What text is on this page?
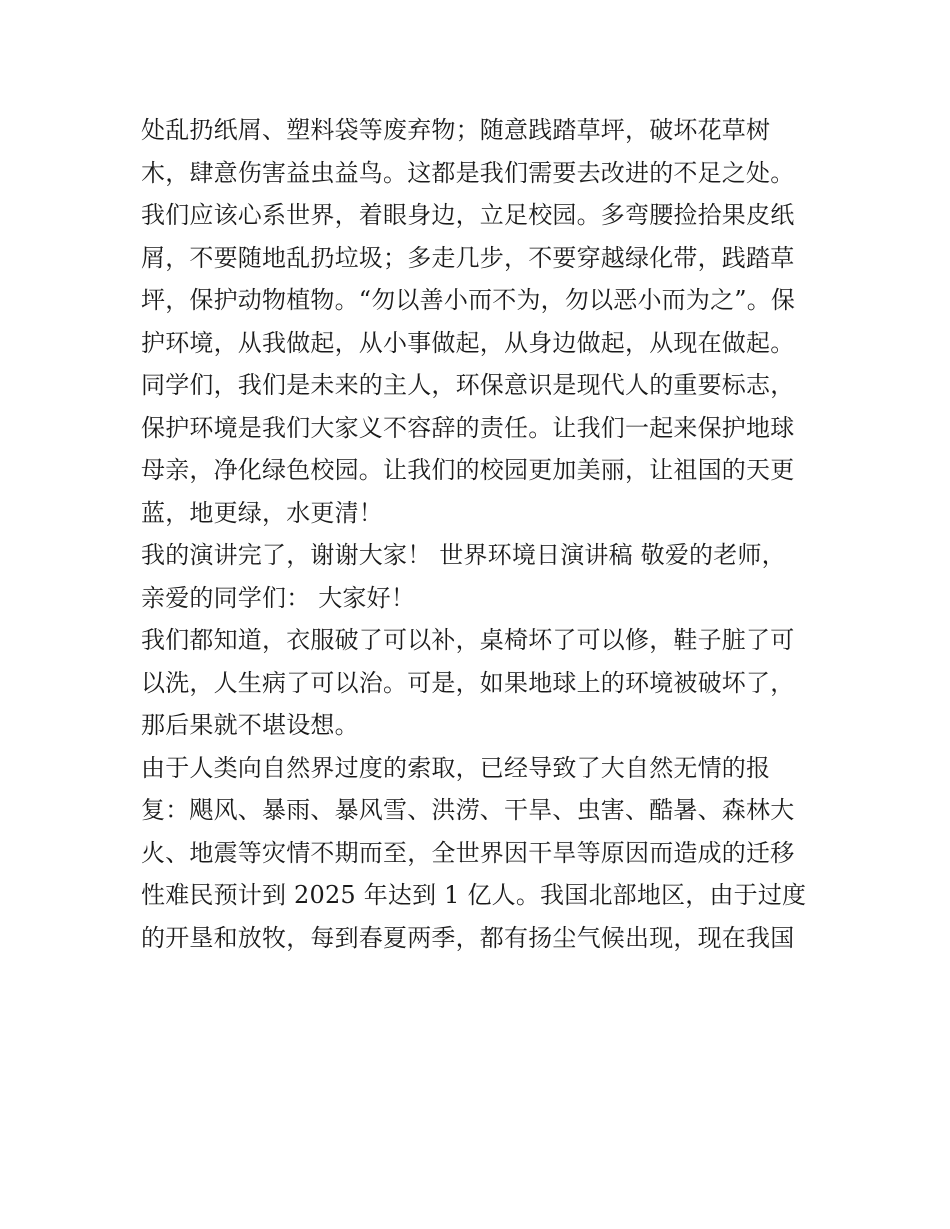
处乱扔纸屑、塑料袋等废弃物；随意践踏草坪，破坏花草树
木，肆意伤害益虫益鸟。这都是我们需要去改进的不足之处。
我们应该心系世界，着眼身边，立足校园。多弯腰捡拾果皮纸
屑，不要随地乱扔垃圾；多走几步，不要穿越绿化带，践踏草
坪，保护动物植物。“勿以善小而不为，勿以恶小而为之”。保
护环境，从我做起，从小事做起，从身边做起，从现在做起。
同学们，我们是未来的主人，环保意识是现代人的重要标志，
保护环境是我们大家义不容辞的责任。让我们一起来保护地球
母亲，净化绿色校园。让我们的校园更加美丽，让祖国的天更
蓝，地更绿，水更清！
我的演讲完了，谢谢大家！ 世界环境日演讲稿 敬爱的老师，
亲爱的同学们： 大家好！
我们都知道，衣服破了可以补，桌椅坏了可以修，鞋子脏了可
以洗，人生病了可以治。可是，如果地球上的环境被破坏了，
那后果就不堪设想。
由于人类向自然界过度的索取，已经导致了大自然无情的报
复：飓风、暴雨、暴风雪、洪涝、干旱、虫害、酷暑、森林大
火、地震等灾情不期而至，全世界因干旱等原因而造成的迁移
性难民预计到 2025 年达到 1 亿人。我国北部地区，由于过度
的开垦和放牧，每到春夏两季，都有扬尘气候出现，现在我国
